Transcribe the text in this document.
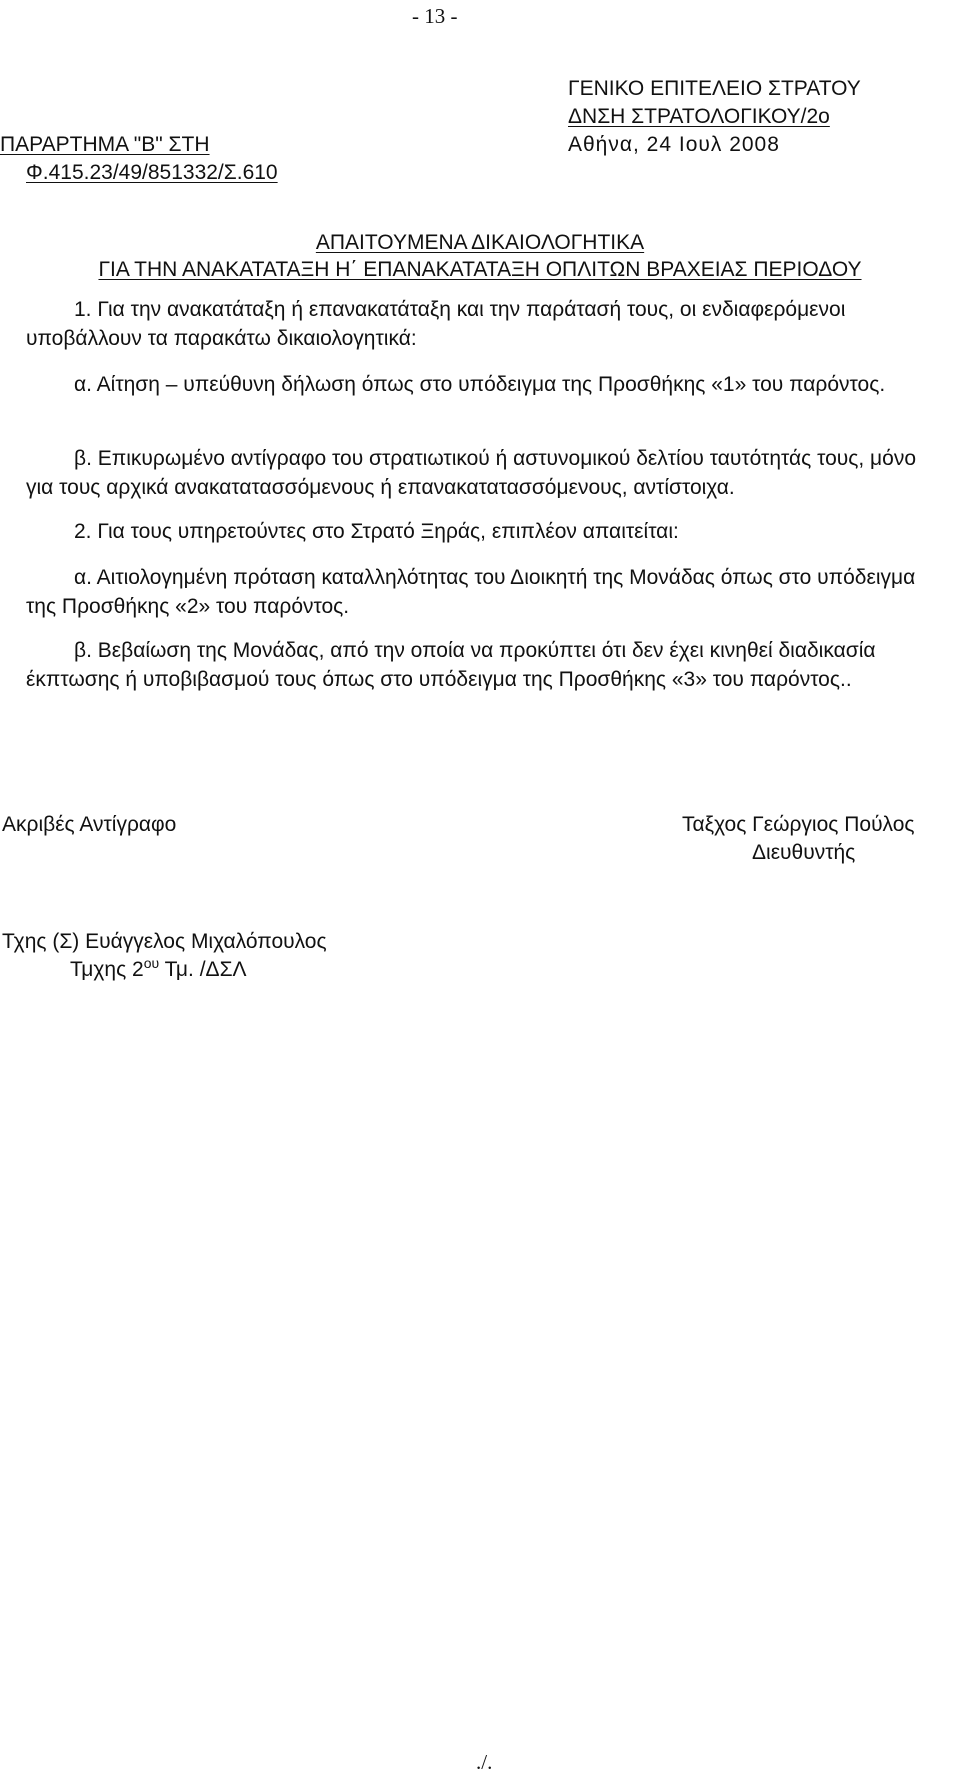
- 13 -
ΓΕΝΙΚΟ ΕΠΙΤΕΛΕΙΟ ΣΤΡΑΤΟΥ
ΔΝΣΗ ΣΤΡΑΤΟΛΟΓΙΚΟΥ/2ο
ΠΑΡΑΡΤΗΜΑ "Β" ΣΤΗ	Αθήνα, 24 Ιουλ 2008
Φ.415.23/49/851332/Σ.610
ΑΠΑΙΤΟΥΜΕΝΑ ΔΙΚΑΙΟΛΟΓΗΤΙΚΑ
ΓΙΑ ΤΗΝ ΑΝΑΚΑΤΑΤΑΞΗ Η΄ ΕΠΑΝΑΚΑΤΑΤΑΞΗ ΟΠΛΙΤΩΝ ΒΡΑΧΕΙΑΣ ΠΕΡΙΟΔΟΥ

1. Για την ανακατάταξη ή επανακατάταξη και την παράτασή τους, οι ενδιαφερόμενοι υποβάλλουν τα παρακάτω δικαιολογητικά:

α. Αίτηση – υπεύθυνη δήλωση όπως στο υπόδειγμα της Προσθήκης «1» του παρόντος.

β. Επικυρωμένο αντίγραφο του στρατιωτικού ή αστυνομικού δελτίου ταυτότητάς τους, μόνο για τους αρχικά ανακατατασσόμενους ή επανακατατασσόμενους, αντίστοιχα.

2. Για τους υπηρετούντες στο Στρατό Ξηράς, επιπλέον απαιτείται:

α. Αιτιολογημένη πρόταση καταλληλότητας του Διοικητή της Μονάδας όπως στο υπόδειγμα της Προσθήκης «2» του παρόντος.

β. Βεβαίωση της Μονάδας, από την οποία να προκύπτει ότι δεν έχει κινηθεί διαδικασία έκπτωσης ή υποβιβασμού τους όπως στο υπόδειγμα της Προσθήκης «3» του παρόντος..

Ακριβές Αντίγραφο	Ταξχος Γεώργιος Πούλος
Διευθυντής
Τχης (Σ) Ευάγγελος Μιχαλόπουλος
Τμχης $2^{o\upsilon}$ Τμ. /ΔΣΛ
./.
